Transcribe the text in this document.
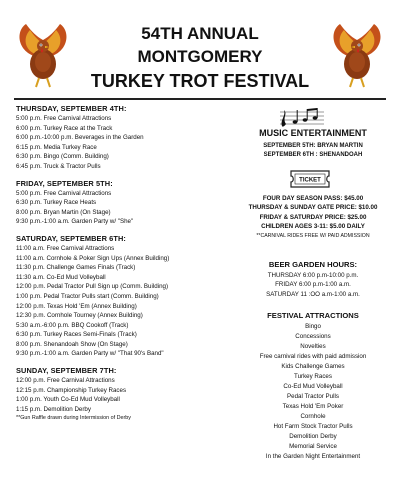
54TH ANNUAL
MONTGOMERY
TURKEY TROT FESTIVAL
THURSDAY, SEPTEMBER 4TH:
5:00 p.m. Free Carnival Attractions
6:00 p.m. Turkey Race at the Track
6:00 p.m.-10:00 p.m. Beverages in the Garden
6:15 p.m. Media Turkey Race
6:30 p.m. Bingo (Comm. Building)
6:45 p.m. Truck & Tractor Pulls
FRIDAY, SEPTEMBER 5TH:
5:00 p.m. Free Carnival Attractions
6:30 p.m. Turkey Race Heats
8:00 p.m. Bryan Martin (On Stage)
9:30 p.m.-1:00 a.m. Garden Party w/ "She"
SATURDAY, SEPTEMBER 6TH:
11:00 a.m. Free Carnival Attractions
11:00 a.m. Cornhole & Poker Sign Ups (Annex Building)
11:30 p.m. Challenge Games Finals (Track)
11:30 a.m. Co-Ed Mud Volleyball
12:00 p.m. Pedal Tractor Pull Sign up (Comm. Building)
1:00 p.m. Pedal Tractor Pulls start (Comm. Building)
12:00 p.m. Texas Hold 'Em (Annex Building)
12:30 p.m. Cornhole Tourney (Annex Building)
5:30 a.m.-6:00 p.m. BBQ Cookoff (Track)
6:30 p.m. Turkey Races Semi-Finals (Track)
8:00 p.m. Shenandoah Show (On Stage)
9:30 p.m.-1:00 a.m. Garden Party w/ "That 90's Band"
SUNDAY, SEPTEMBER 7TH:
12:00 p.m. Free Carnival Attractions
12:15 p.m. Championship Turkey Races
1:00 p.m. Youth Co-Ed Mud Volleyball
1:15 p.m. Demolition Derby
**Gun Raffle drawn during Intermission of Derby
MUSIC ENTERTAINMENT
SEPTEMBER 5TH: BRYAN MARTIN
SEPTEMBER 6TH : SHENANDOAH
TICKET
FOUR DAY SEASON PASS: $45.00
THURSDAY & SUNDAY GATE PRICE: $10.00
FRIDAY & SATURDAY PRICE: $25.00
CHILDREN AGES 3-11: $5.00 DAILY
**CARNIVAL RIDES FREE W/ PAID ADMISSION
BEER GARDEN HOURS:
THURSDAY 6:00 p.m-10:00 p.m.
FRIDAY 6:00 p.m-1:00 a.m.
SATURDAY 11 :OO a.m-1:00 a.m.
FESTIVAL ATTRACTIONS
Bingo
Concessions
Novelties
Free carnival rides with paid admission
Kids Challenge Games
Turkey Races
Co-Ed Mud Volleyball
Pedal Tractor Pulls
Texas Hold 'Em Poker
Cornhole
Hot Farm Stock Tractor Pulls
Demolition Derby
Memorial Service
In the Garden Night Entertainment
